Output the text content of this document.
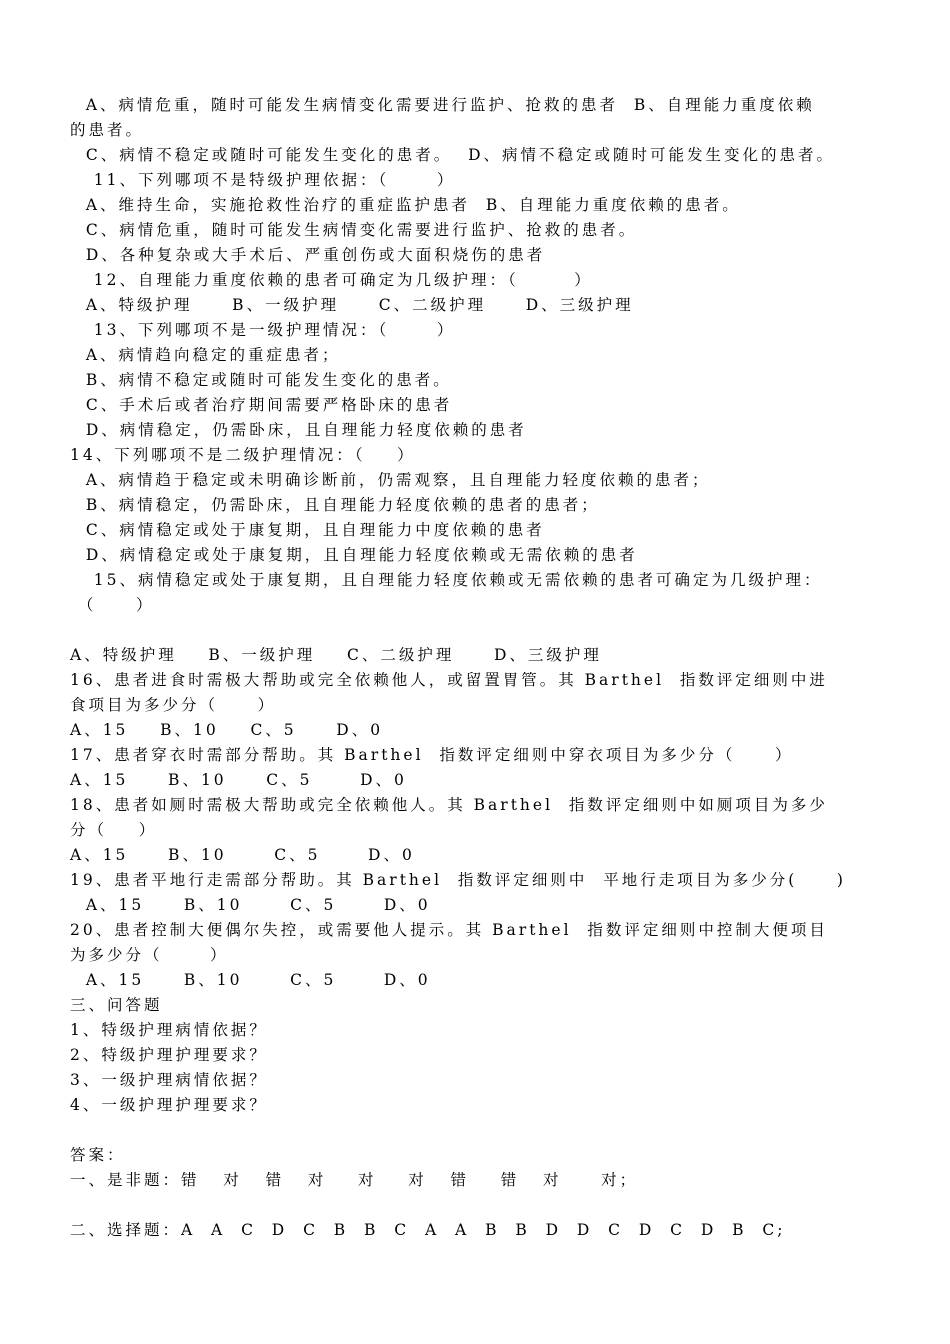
A、病情危重，随时可能发生病情变化需要进行监护、抢救的患者  B、自理能力重度依赖
的患者。
C、病情不稳定或随时可能发生变化的患者。  D、病情不稳定或随时可能发生变化的患者。
11、下列哪项不是特级护理依据：（      ）
A、维持生命，实施抢救性治疗的重症监护患者  B、自理能力重度依赖的患者。
C、病情危重，随时可能发生病情变化需要进行监护、抢救的患者。
D、各种复杂或大手术后、严重创伤或大面积烧伤的患者
12、自理能力重度依赖的患者可确定为几级护理：（       ）
A、特级护理     B、一级护理     C、二级护理     D、三级护理
13、下列哪项不是一级护理情况：（      ）
A、病情趋向稳定的重症患者；
B、病情不稳定或随时可能发生变化的患者。
C、手术后或者治疗期间需要严格卧床的患者
D、病情稳定，仍需卧床，且自理能力轻度依赖的患者
14、下列哪项不是二级护理情况：（    ）
A、病情趋于稳定或未明确诊断前，仍需观察，且自理能力轻度依赖的患者；
B、病情稳定，仍需卧床，且自理能力轻度依赖的患者的患者；
C、病情稳定或处于康复期，且自理能力中度依赖的患者
D、病情稳定或处于康复期，且自理能力轻度依赖或无需依赖的患者
15、病情稳定或处于康复期，且自理能力轻度依赖或无需依赖的患者可确定为几级护理：
（     ）
A、特级护理    B、一级护理    C、二级护理     D、三级护理
16、患者进食时需极大帮助或完全依赖他人，或留置胃管。其 Barthel  指数评定细则中进
食项目为多少分（     ）
A、15    B、10    C、5     D、0
17、患者穿衣时需部分帮助。其 Barthel  指数评定细则中穿衣项目为多少分（     ）
A、15     B、10     C、5      D、0
18、患者如厕时需极大帮助或完全依赖他人。其 Barthel  指数评定细则中如厕项目为多少
分（    ）
A、15     B、10      C、5      D、0
19、患者平地行走需部分帮助。其 Barthel  指数评定细则中  平地行走项目为多少分(     )
A、15     B、10      C、5      D、0
20、患者控制大便偶尔失控，或需要他人提示。其 Barthel  指数评定细则中控制大便项目
为多少分（      ）
A、15     B、10      C、5      D、0
三、问答题
1、特级护理病情依据？
2、特级护理护理要求？
3、一级护理病情依据？
4、一级护理护理要求？
答案：
一、是非题：错   对   错   对    对    对   错    错   对     对；
二、选择题：A  A  C  D  C  B  B  C  A  A  B  B  D  D  C  D  C  D  B  C;
